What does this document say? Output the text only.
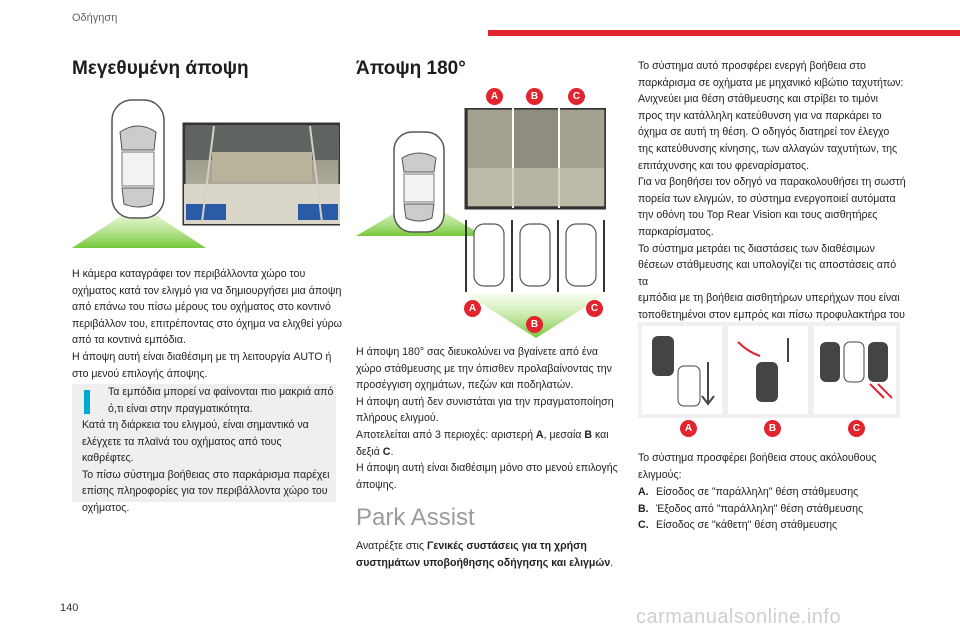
Οδήγηση
Μεγεθυμένη άποψη
Η κάμερα καταγράφει τον περιβάλλοντα χώρο του
οχήματος κατά τον ελιγμό για να δημιουργήσει μια άποψη
από επάνω του πίσω μέρους του οχήματος στο κοντινό
περιβάλλον του, επιτρέποντας στο όχημα να ελιχθεί γύρω
από τα κοντινά εμπόδια.
Η άποψη αυτή είναι διαθέσιμη με τη λειτουργία AUTO ή
στο μενού επιλογής άποψης.
Τα εμπόδια μπορεί να φαίνονται πιο μακριά από
ό,τι είναι στην πραγματικότητα.
Κατά τη διάρκεια του ελιγμού, είναι σημαντικό να
ελέγχετε τα πλαϊνά του οχήματος από τους καθρέφτες.
Το πίσω σύστημα βοήθειας στο παρκάρισμα παρέχει
επίσης πληροφορίες για τον περιβάλλοντα χώρο του
οχήματος.
Άποψη 180°
A	B	C
A
B
C
Η άποψη 180° σας διευκολύνει να βγαίνετε από ένα
χώρο στάθμευσης με την όπισθεν προλαβαίνοντας την
προσέγγιση οχημάτων, πεζών και ποδηλατών.
Η άποψη αυτή δεν συνιστάται για την πραγματοποίηση
πλήρους ελιγμού.
Αποτελείται από 3 περιοχές: αριστερή A, μεσαία B και
δεξιά C.
Η άποψη αυτή είναι διαθέσιμη μόνο στο μενού επιλογής
άποψης.
Park Assist
Ανατρέξτε στις Γενικές συστάσεις για τη χρήση
συστημάτων υποβοήθησης οδήγησης και ελιγμών.
Το σύστημα αυτό προσφέρει ενεργή βοήθεια στο
παρκάρισμα σε οχήματα με μηχανικό κιβώτιο ταχυτήτων:
Ανιχνεύει μια θέση στάθμευσης και στρίβει το τιμόνι
προς την κατάλληλη κατεύθυνση για να παρκάρει το
όχημα σε αυτή τη θέση. Ο οδηγός διατηρεί τον έλεγχο
της κατεύθυνσης κίνησης, των αλλαγών ταχυτήτων, της
επιτάχυνσης και του φρεναρίσματος.
Για να βοηθήσει τον οδηγό να παρακολουθήσει τη σωστή
πορεία των ελιγμών, το σύστημα ενεργοποιεί αυτόματα
την οθόνη του Top Rear Vision και τους αισθητήρες
παρκαρίσματος.
Το σύστημα μετράει τις διαστάσεις των διαθέσιμων
θέσεων στάθμευσης και υπολογίζει τις αποστάσεις από τα
εμπόδια με τη βοήθεια αισθητήρων υπερήχων που είναι
τοποθετημένοι στον εμπρός και πίσω προφυλακτήρα του
A	B	C
Το σύστημα προσφέρει βοήθεια στους ακόλουθους
ελιγμούς:
A. Είσοδος σε "παράλληλη" θέση στάθμευσης
B. Έξοδος από "παράλληλη" θέση στάθμευσης
C. Είσοδος σε "κάθετη" θέση στάθμευσης
140	carmanualsonline.info
